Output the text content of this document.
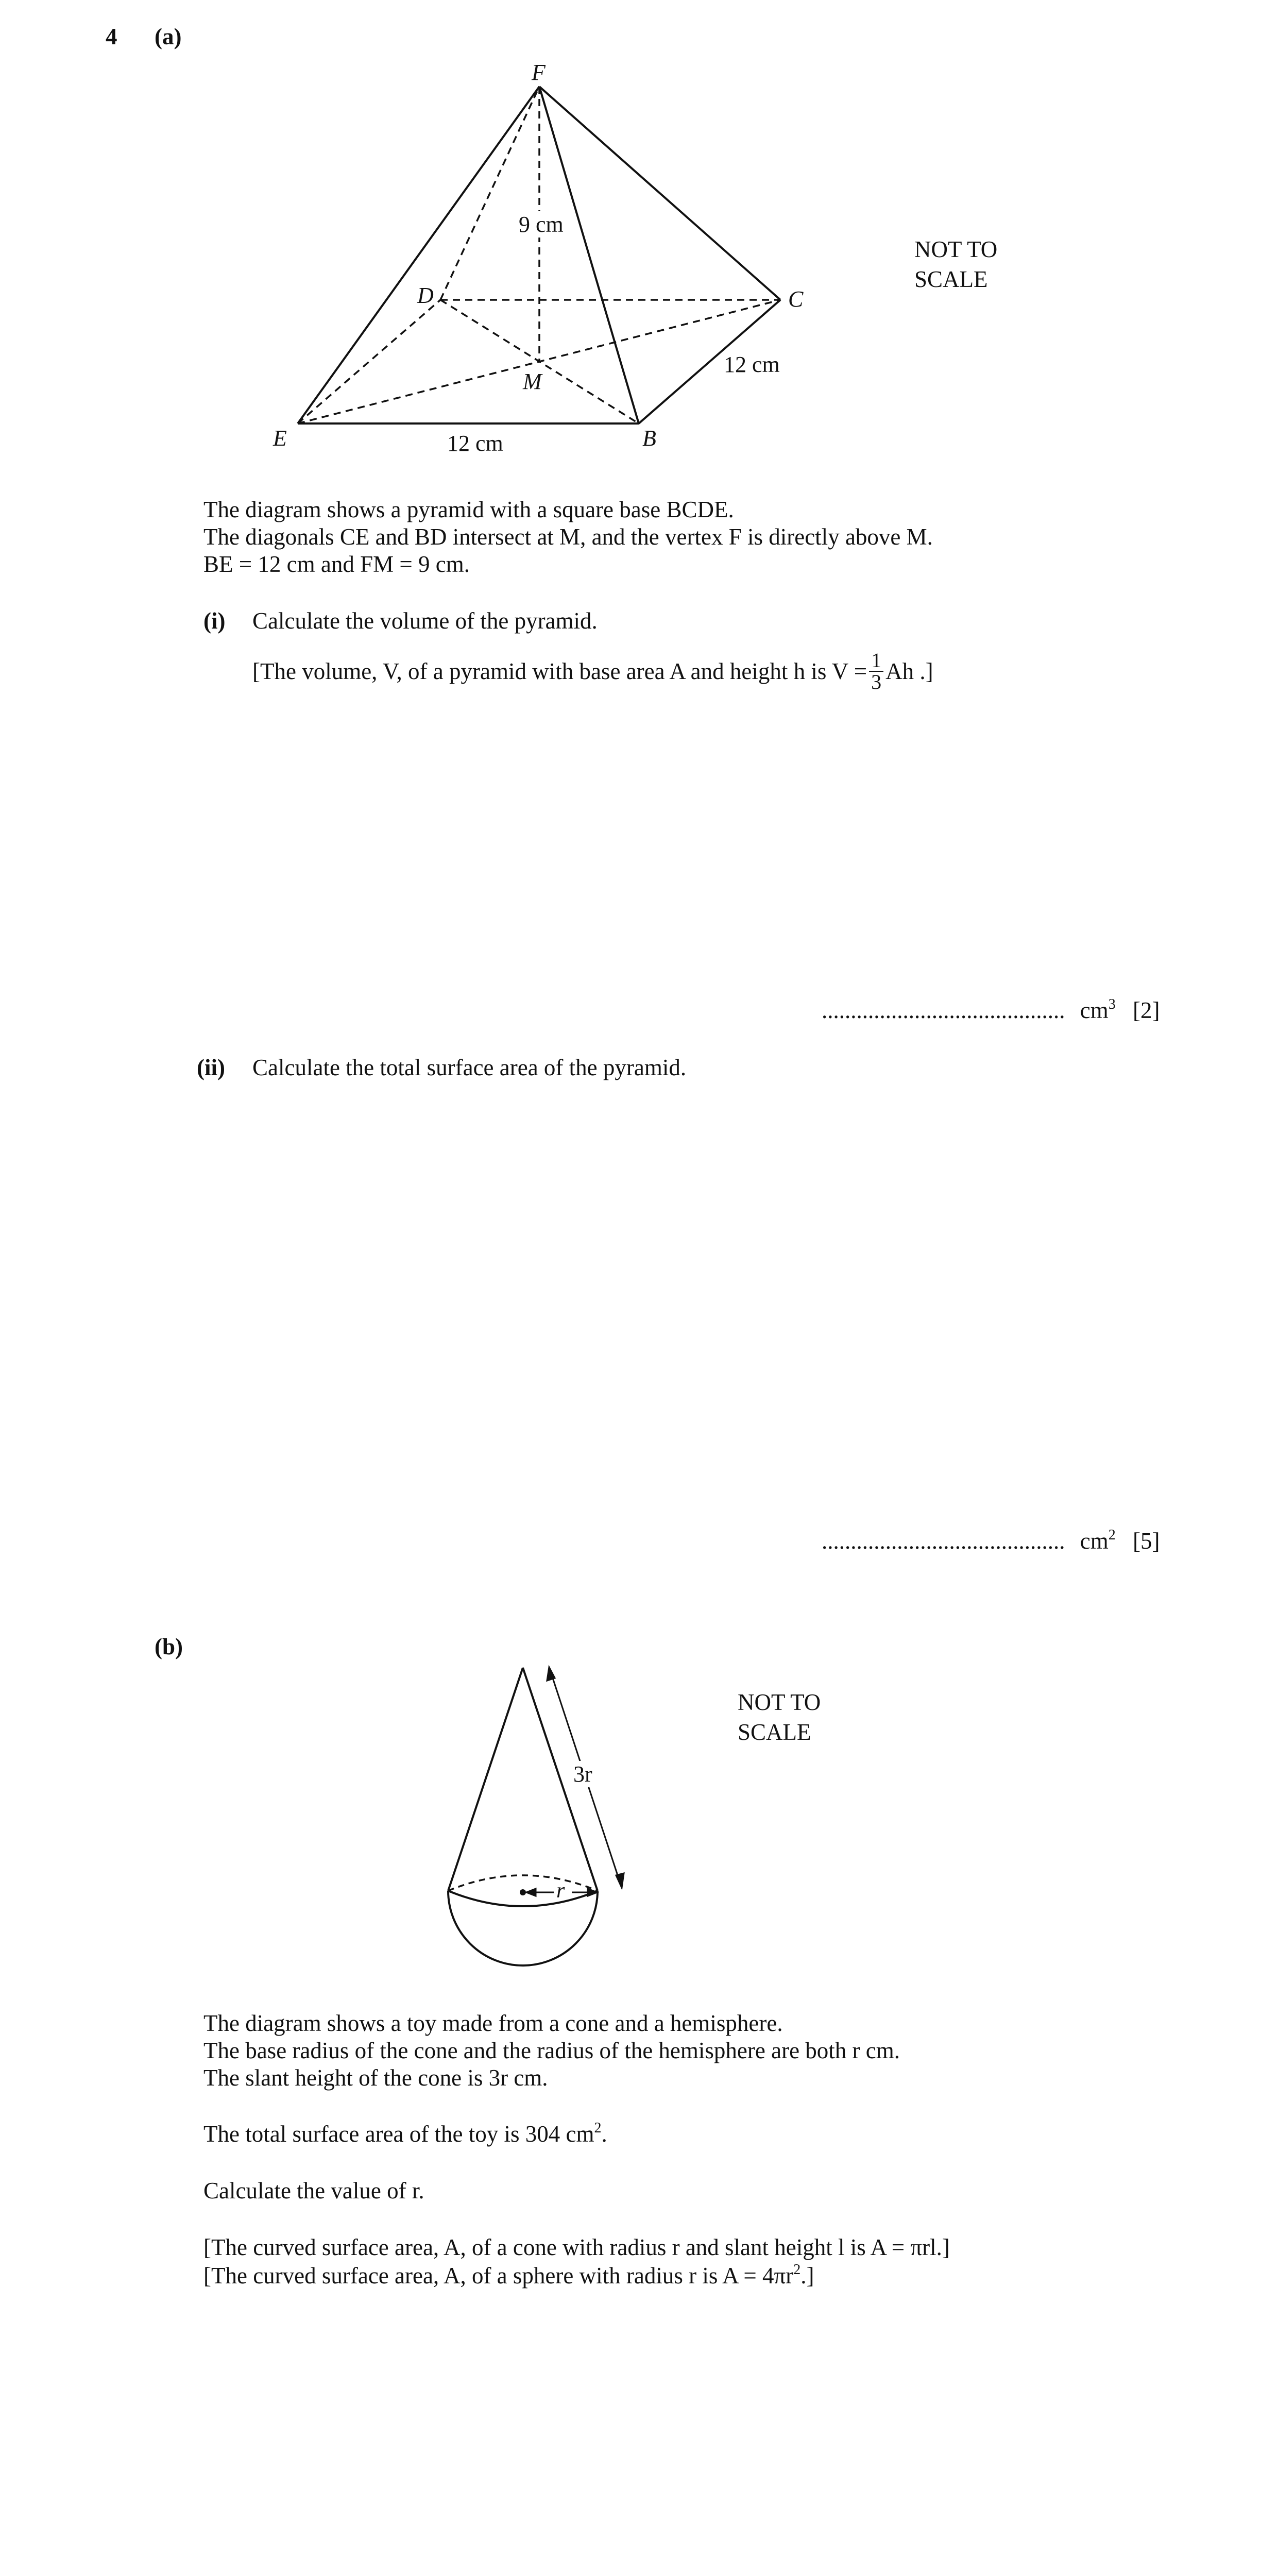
4 (a)
F
D	C
E	B
M
9 cm
12 cm
12 cm
NOT TO
SCALE
The diagram shows a pyramid with a square base BCDE.
The diagonals CE and BD intersect at M, and the vertex F is directly above M.
BE = 12 cm and FM = 9 cm.
(i) Calculate the volume of the pyramid.
[The volume, V, of a pyramid with base area A and height h is $V = \frac{1}{3}$ Ah .]
.......................................... $cm^3$ [2]
(ii) Calculate the total surface area of the pyramid.
.......................................... $cm^2$ [5]
(b)
3r
r
NOT TO
SCALE
The diagram shows a toy made from a cone and a hemisphere.
The base radius of the cone and the radius of the hemisphere are both r cm.
The slant height of the cone is 3r cm.
The total surface area of the toy is 304 $cm^2$.
Calculate the value of r.
[The curved surface area, A, of a cone with radius r and slant height l is A = πrl.]
[The curved surface area, A, of a sphere with radius r is $A = 4\pi r^2$.]
